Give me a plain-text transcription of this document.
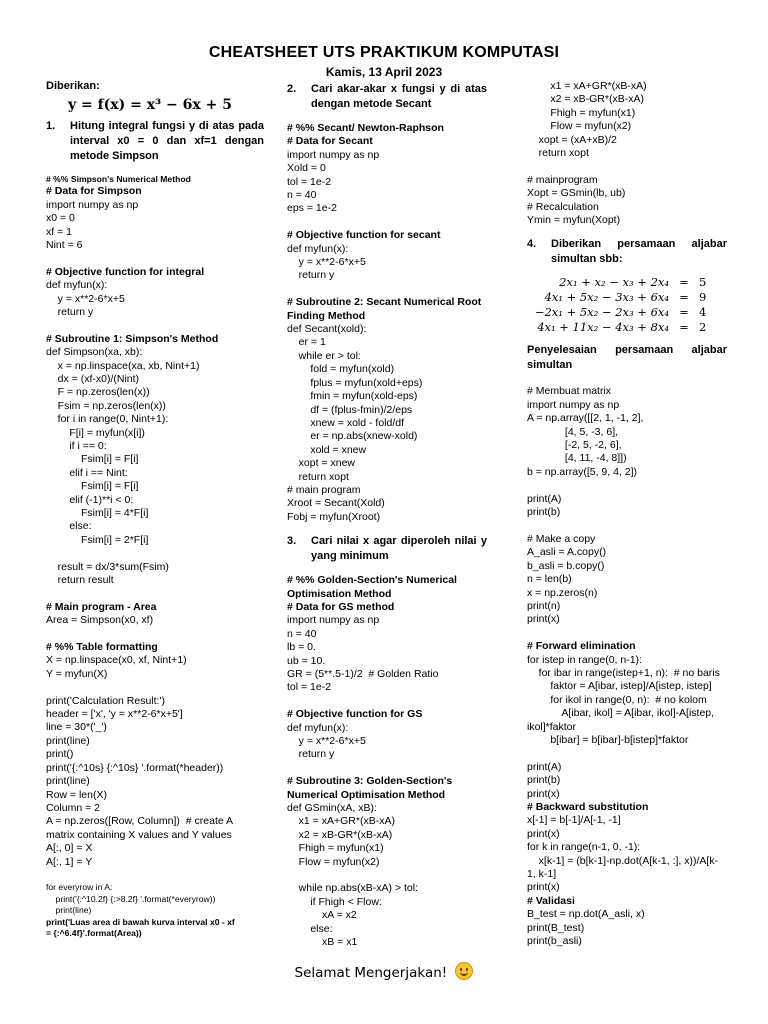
CHEATSHEET UTS PRAKTIKUM KOMPUTASI
Kamis, 13 April 2023
Diberikan:
y = f(x) = x³ − 6x + 5
1.	Hitung integral fungsi y di atas pada interval x0 = 0 dan xf=1 dengan metode Simpson
# %% Simpson's Numerical Method
# Data for Simpson
import numpy as np
x0 = 0
xf = 1
Nint = 6
# Objective function for integral
def myfun(x):
y = x**2-6*x+5
return y
# Subroutine 1: Simpson's Method
def Simpson(xa, xb):
x = np.linspace(xa, xb, Nint+1)
dx = (xf-x0)/(Nint)
F = np.zeros(len(x))
Fsim = np.zeros(len(x))
for i in range(0, Nint+1):
F[i] = myfun(x[i])
if i == 0:
Fsim[i] = F[i]
elif i == Nint:
Fsim[i] = F[i]
elif (-1)**i < 0:
Fsim[i] = 4*F[i]
else:
Fsim[i] = 2*F[i]
result = dx/3*sum(Fsim)
return result
# Main program - Area
Area = Simpson(x0, xf)
# %% Table formatting
X = np.linspace(x0, xf, Nint+1)
Y = myfun(X)
print('Calculation Result:')
header = ['x', 'y = x**2-6*x+5']
line = 30*('_')
print(line)
print()
print('{:^10s} {:^10s} '.format(*header))
print(line)
Row = len(X)
Column = 2
A = np.zeros([Row, Column])  # create A
matrix containing X values and Y values
A[:, 0] = X
A[:, 1] = Y
for everyrow in A:
print('{:^10.2f} {:>8.2f} '.format(*everyrow))
print(line)
print('Luas area di bawah kurva interval x0 - xf
= {:^6.4f}'.format(Area))
2.	Cari akar-akar x fungsi y di atas dengan metode Secant
# %% Secant/ Newton-Raphson
# Data for Secant
import numpy as np
Xold = 0
tol = 1e-2
n = 40
eps = 1e-2
# Objective function for secant
def myfun(x):
y = x**2-6*x+5
return y
# Subroutine 2: Secant Numerical Root
Finding Method
def Secant(xold):
er = 1
while er > tol:
fold = myfun(xold)
fplus = myfun(xold+eps)
fmin = myfun(xold-eps)
df = (fplus-fmin)/2/eps
xnew = xold - fold/df
er = np.abs(xnew-xold)
xold = xnew
xopt = xnew
return xopt
# main program
Xroot = Secant(Xold)
Fobj = myfun(Xroot)
3.	Cari nilai x agar diperoleh nilai y yang minimum
# %% Golden-Section's Numerical
Optimisation Method
# Data for GS method
import numpy as np
n = 40
lb = 0.
ub = 10.
GR = (5**.5-1)/2  # Golden Ratio
tol = 1e-2
# Objective function for GS
def myfun(x):
y = x**2-6*x+5
return y
# Subroutine 3: Golden-Section's
Numerical Optimisation Method
def GSmin(xA, xB):
x1 = xA+GR*(xB-xA)
x2 = xB-GR*(xB-xA)
Fhigh = myfun(x1)
Flow = myfun(x2)
while np.abs(xB-xA) > tol:
if Fhigh < Flow:
xA = x2
else:
xB = x1
x1 = xA+GR*(xB-xA)
x2 = xB-GR*(xB-xA)
Fhigh = myfun(x1)
Flow = myfun(x2)
xopt = (xA+xB)/2
return xopt
# mainprogram
Xopt = GSmin(lb, ub)
# Recalculation
Ymin = myfun(Xopt)
4.	Diberikan persamaan aljabar simultan sbb:
2x₁ + x₂ − x₃ + 2x₄ = 5
4x₁ + 5x₂ − 3x₃ + 6x₄ = 9
−2x₁ + 5x₂ − 2x₃ + 6x₄ = 4
4x₁ + 11x₂ − 4x₃ + 8x₄ = 2
Penyelesaian persamaan aljabar simultan
# Membuat matrix
import numpy as np
A = np.array([[2, 1, -1, 2],
[4, 5, -3, 6],
[-2, 5, -2, 6],
[4, 11, -4, 8]])
b = np.array([5, 9, 4, 2])
print(A)
print(b)
# Make a copy
A_asli = A.copy()
b_asli = b.copy()
n = len(b)
x = np.zeros(n)
print(n)
print(x)
# Forward elimination
for istep in range(0, n-1):
for ibar in range(istep+1, n):  # no baris
faktor = A[ibar, istep]/A[istep, istep]
for ikol in range(0, n):  # no kolom
A[ibar, ikol] = A[ibar, ikol]-A[istep,
ikol]*faktor
b[ibar] = b[ibar]-b[istep]*faktor
print(A)
print(b)
print(x)
# Backward substitution
x[-1] = b[-1]/A[-1, -1]
print(x)
for k in range(n-1, 0, -1):
x[k-1] = (b[k-1]-np.dot(A[k-1, :], x))/A[k-
1, k-1]
print(x)
# Validasi
B_test = np.dot(A_asli, x)
print(B_test)
print(b_asli)
Selamat Mengerjakan!
